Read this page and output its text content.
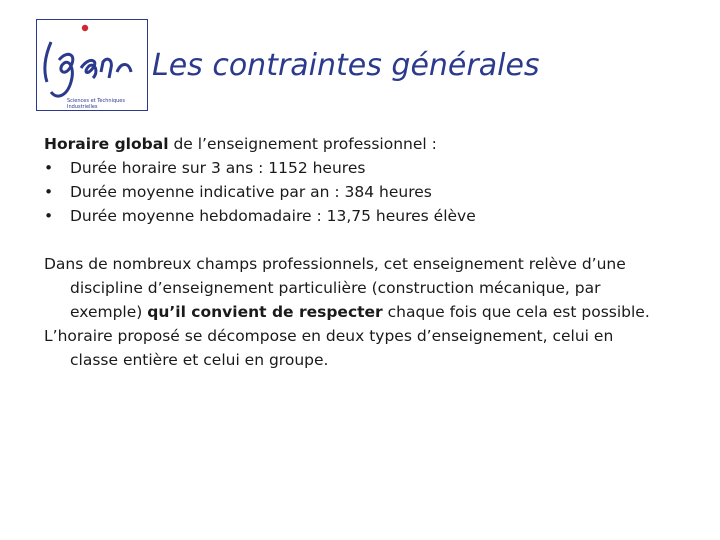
Sciences et Techniques Industrielles
Les contraintes générales
Horaire global de l’enseignement professionnel :
•	Durée horaire sur 3 ans : 1152 heures
•	Durée moyenne indicative par an : 384 heures
•	Durée moyenne hebdomadaire : 13,75 heures élève
Dans de nombreux champs professionnels, cet enseignement relève d’une
discipline d’enseignement particulière (construction mécanique, par
exemple) qu’il convient de respecter chaque fois que cela est possible.
L’horaire proposé se décompose en deux types d’enseignement, celui en
classe entière et celui en groupe.
